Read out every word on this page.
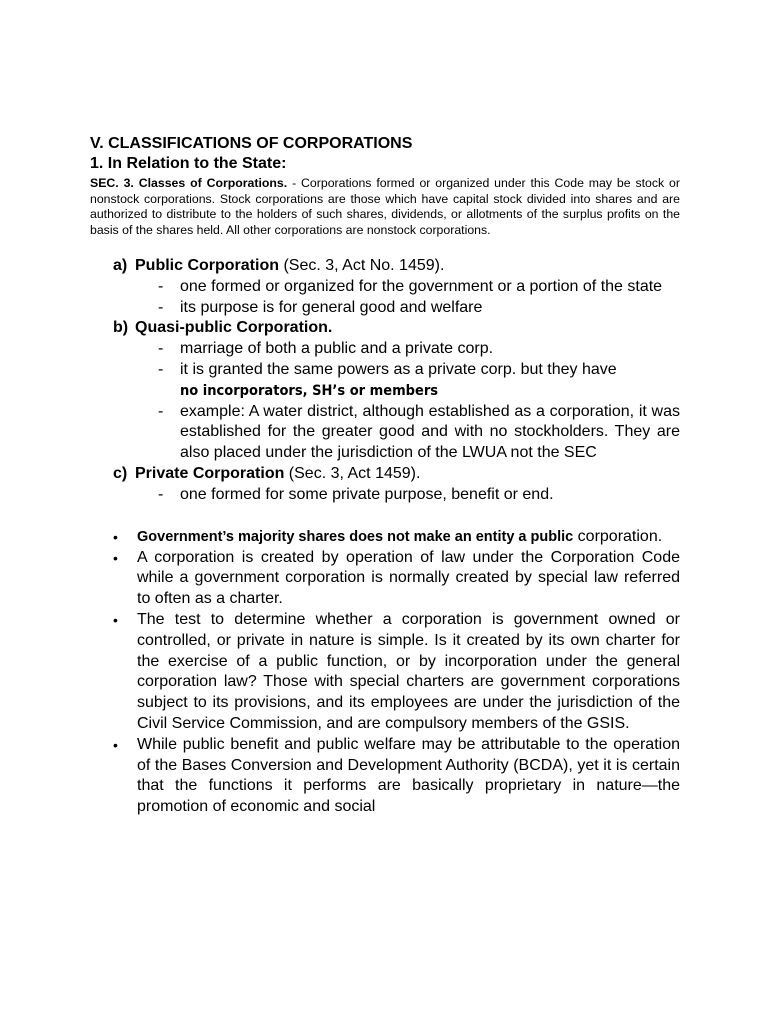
V. CLASSIFICATIONS OF CORPORATIONS

1. In Relation to the State:

SEC. 3. Classes of Corporations. - Corporations formed or organized under this Code may be stock or nonstock corporations. Stock corporations are those which have capital stock divided into shares and are authorized to distribute to the holders of such shares, dividends, or allotments of the surplus profits on the basis of the shares held. All other corporations are nonstock corporations.

a) Public Corporation (Sec. 3, Act No. 1459).
-	one formed or organized for the government or a portion of the state
-	its purpose is for general good and welfare
b) Quasi-public Corporation.
-	marriage of both a public and a private corp.
-	it is granted the same powers as a private corp. but they have
no incorporators, SH’s or members
-	example: A water district, although established as a corporation, it was established for the greater good and with no stockholders. They are also placed under the jurisdiction of the LWUA not the SEC
c) Private Corporation (Sec. 3, Act 1459).
-	one formed for some private purpose, benefit or end.
•	Government’s majority shares does not make an entity a public corporation.
•	A corporation is created by operation of law under the Corporation Code while a government corporation is normally created by special law referred to often as a charter.
•	The test to determine whether a corporation is government owned or controlled, or private in nature is simple. Is it created by its own charter for the exercise of a public function, or by incorporation under the general corporation law? Those with special charters are government corporations subject to its provisions, and its employees are under the jurisdiction of the Civil Service Commission, and are compulsory members of the GSIS.
•	While public benefit and public welfare may be attributable to the operation of the Bases Conversion and Development Authority (BCDA), yet it is certain that the functions it performs are basically proprietary in nature—the promotion of economic and social
